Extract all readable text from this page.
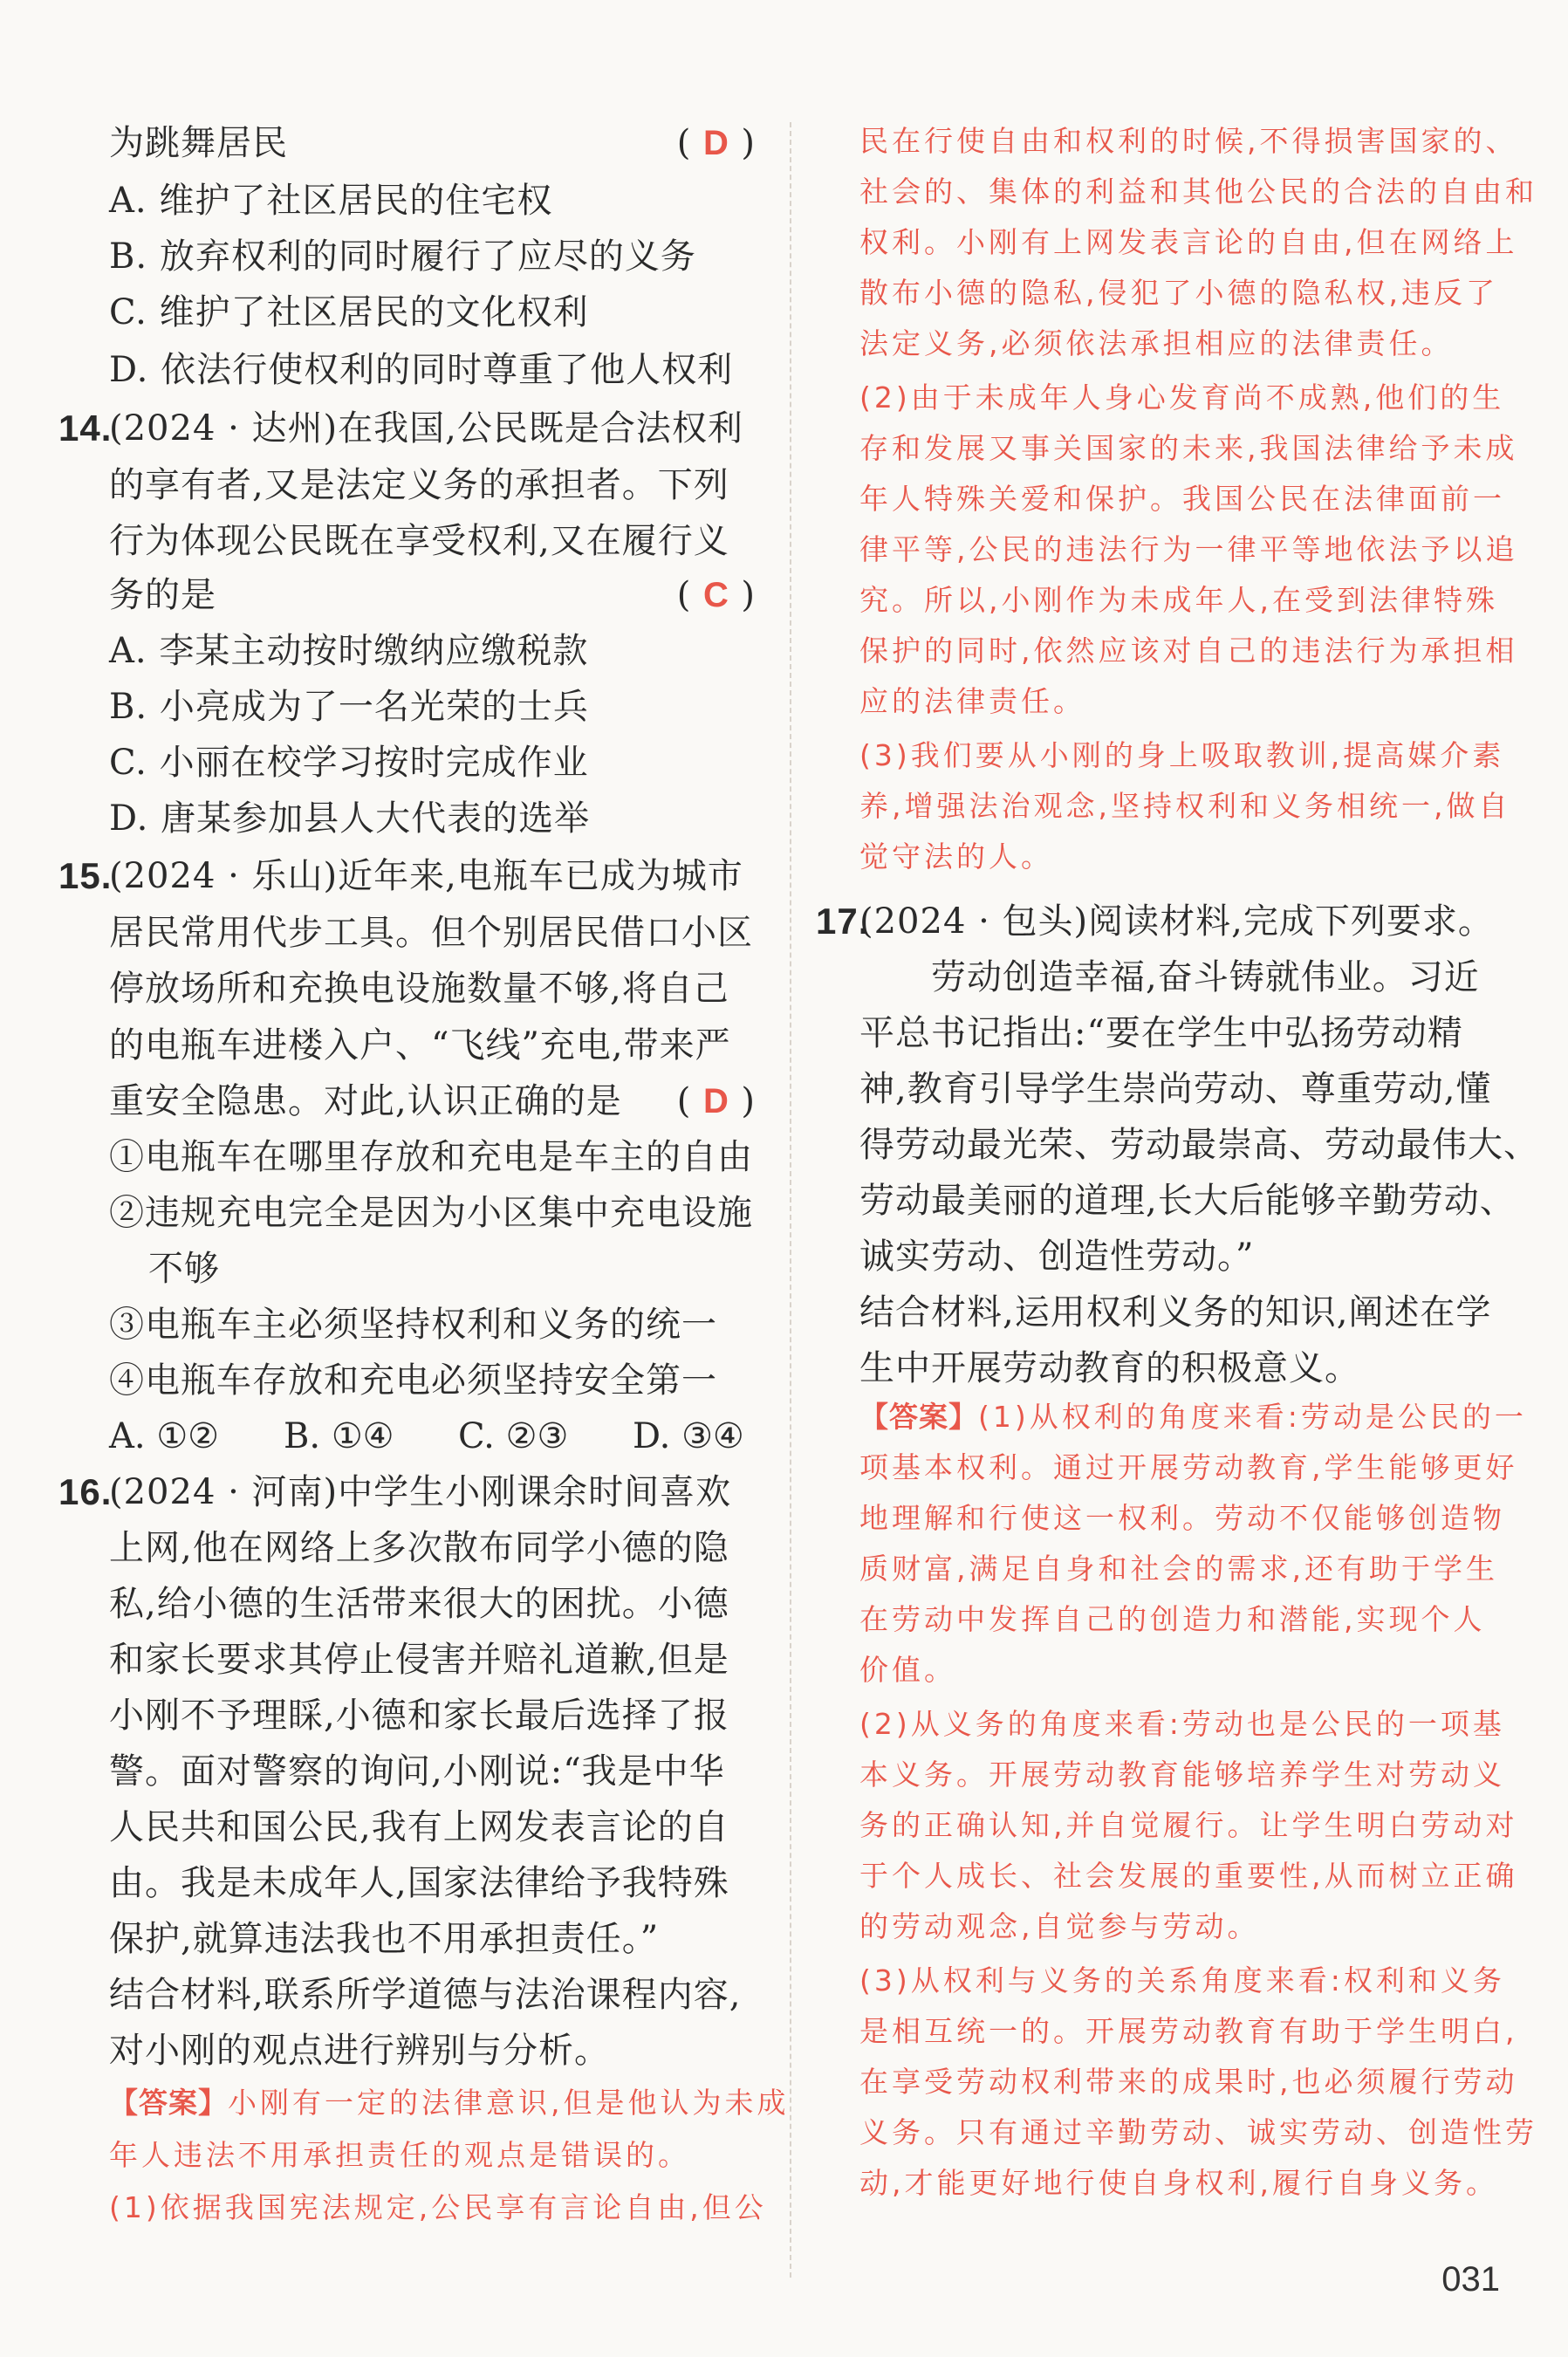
为跳舞居民	( D )
A. 维护了社区居民的住宅权
B. 放弃权利的同时履行了应尽的义务
C. 维护了社区居民的文化权利
D. 依法行使权利的同时尊重了他人权利
14.
(2024 · 达州)在我国,公民既是合法权利
的享有者,又是法定义务的承担者。下列
行为体现公民既在享受权利,又在履行义
务的是	( C )
A. 李某主动按时缴纳应缴税款
B. 小亮成为了一名光荣的士兵
C. 小丽在校学习按时完成作业
D. 唐某参加县人大代表的选举
15.
(2024 · 乐山)近年来,电瓶车已成为城市
居民常用代步工具。但个别居民借口小区
停放场所和充换电设施数量不够,将自己
的电瓶车进楼入户、“飞线”充电,带来严
重安全隐患。对此,认识正确的是 ( D )
①电瓶车在哪里存放和充电是车主的自由
②违规充电完全是因为小区集中充电设施
不够
③电瓶车主必须坚持权利和义务的统一
④电瓶车存放和充电必须坚持安全第一
A. ①② B. ①④ C. ②③ D. ③④
16.
(2024 · 河南)中学生小刚课余时间喜欢
上网,他在网络上多次散布同学小德的隐
私,给小德的生活带来很大的困扰。小德
和家长要求其停止侵害并赔礼道歉,但是
小刚不予理睬,小德和家长最后选择了报
警。面对警察的询问,小刚说:“我是中华
人民共和国公民,我有上网发表言论的自
由。我是未成年人,国家法律给予我特殊
保护,就算违法我也不用承担责任。”
结合材料,联系所学道德与法治课程内容,
对小刚的观点进行辨别与分析。
【答案】小刚有一定的法律意识,但是他认为未成
年人违法不用承担责任的观点是错误的。
(1)依据我国宪法规定,公民享有言论自由,但公
民在行使自由和权利的时候,不得损害国家的、
社会的、集体的利益和其他公民的合法的自由和
权利。小刚有上网发表言论的自由,但在网络上
散布小德的隐私,侵犯了小德的隐私权,违反了
法定义务,必须依法承担相应的法律责任。
(2)由于未成年人身心发育尚不成熟,他们的生
存和发展又事关国家的未来,我国法律给予未成
年人特殊关爱和保护。我国公民在法律面前一
律平等,公民的违法行为一律平等地依法予以追
究。所以,小刚作为未成年人,在受到法律特殊
保护的同时,依然应该对自己的违法行为承担相
应的法律责任。
(3)我们要从小刚的身上吸取教训,提高媒介素
养,增强法治观念,坚持权利和义务相统一,做自
觉守法的人。
17.
(2024 · 包头)阅读材料,完成下列要求。
劳动创造幸福,奋斗铸就伟业。习近
平总书记指出:“要在学生中弘扬劳动精
神,教育引导学生崇尚劳动、尊重劳动,懂
得劳动最光荣、劳动最崇高、劳动最伟大、
劳动最美丽的道理,长大后能够辛勤劳动、
诚实劳动、创造性劳动。”
结合材料,运用权利义务的知识,阐述在学
生中开展劳动教育的积极意义。
【答案】(1)从权利的角度来看:劳动是公民的一
项基本权利。通过开展劳动教育,学生能够更好
地理解和行使这一权利。劳动不仅能够创造物
质财富,满足自身和社会的需求,还有助于学生
在劳动中发挥自己的创造力和潜能,实现个人
价值。
(2)从义务的角度来看:劳动也是公民的一项基
本义务。开展劳动教育能够培养学生对劳动义
务的正确认知,并自觉履行。让学生明白劳动对
于个人成长、社会发展的重要性,从而树立正确
的劳动观念,自觉参与劳动。
(3)从权利与义务的关系角度来看:权利和义务
是相互统一的。开展劳动教育有助于学生明白,
在享受劳动权利带来的成果时,也必须履行劳动
义务。只有通过辛勤劳动、诚实劳动、创造性劳
动,才能更好地行使自身权利,履行自身义务。
031
